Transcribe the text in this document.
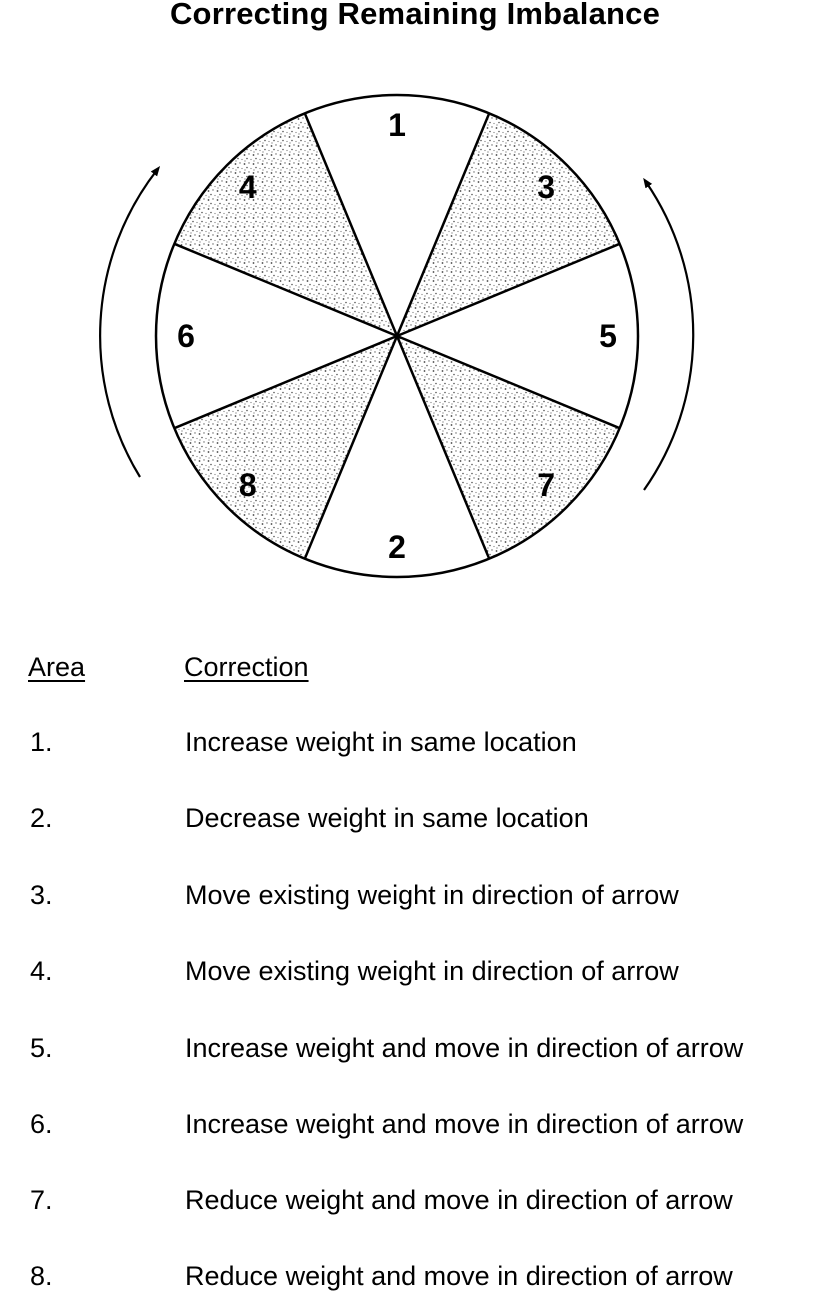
Correcting Remaining Imbalance
1
3
5
7
2
8
6
4
Area	Correction
1.	Increase weight in same location
2.	Decrease weight in same location
3.	Move existing weight in direction of arrow
4.	Move existing weight in direction of arrow
5.	Increase weight and move in direction of arrow
6.	Increase weight and move in direction of arrow
7.	Reduce weight and move in direction of arrow
8.	Reduce weight and move in direction of arrow
